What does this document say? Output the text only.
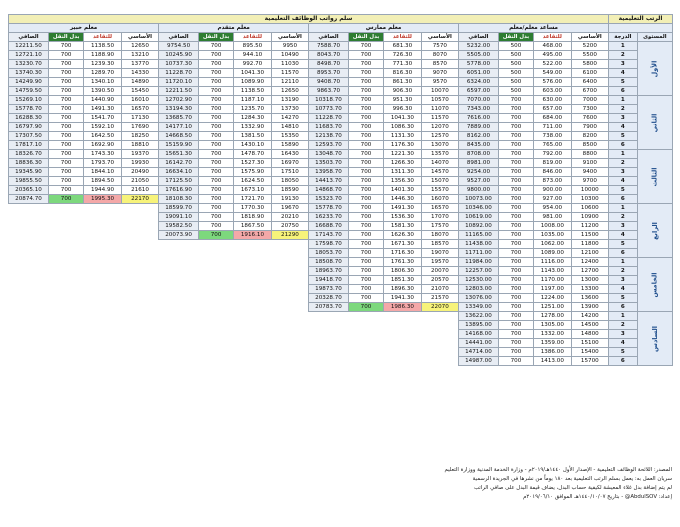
الرتب التعليمية		سلم رواتب الوظائف التعليمية															
		مساعد معلم/معلم				معلم ممارس				معلم متقدم				معلم خبير			
المستوى	الدرجة	الأساسي	للتقاعد	بدل النقل	الصافي	الأساسي	للتقاعد	بدل النقل	الصافي	الأساسي	للتقاعد	بدل النقل	الصافي	الأساسي	للتقاعد	بدل النقل	الصافي
الأول	1	5200	468.00	500	5232.00	7570	681.30	700	7588.70	9950	895.50	700	9754.50	12650	1138.50	700	12211.50
	2	5500	495.00	500	5505.00	8070	726.30	700	8043.70	10490	944.10	700	10245.90	13210	1188.90	700	12721.10
	3	5800	522.00	500	5778.00	8570	771.30	700	8498.70	11030	992.70	700	10737.30	13770	1239.30	700	13230.70
	4	6100	549.00	500	6051.00	9070	816.30	700	8953.70	11570	1041.30	700	11228.70	14330	1289.70	700	13740.30
	5	6400	576.00	500	6324.00	9570	861.30	700	9408.70	12110	1089.90	700	11720.10	14890	1340.10	700	14249.90
	6	6700	603.00	500	6597.00	10070	906.30	700	9863.70	12650	1138.50	700	12211.50	15450	1390.50	700	14759.50
الثاني	1	7000	630.00	700	7070.00	10570	951.30	700	10318.70	13190	1187.10	700	12702.90	16010	1440.90	700	15269.10
	2	7300	657.00	700	7343.00	11070	996.30	700	10773.70	13730	1235.70	700	13194.30	16570	1491.30	700	15778.70
	3	7600	684.00	700	7616.00	11570	1041.30	700	11228.70	14270	1284.30	700	13685.70	17130	1541.70	700	16288.30
	4	7900	711.00	700	7889.00	12070	1086.30	700	11683.70	14810	1332.90	700	14177.10	17690	1592.10	700	16797.90
	5	8200	738.00	700	8162.00	12570	1131.30	700	12138.70	15350	1381.50	700	14668.50	18250	1642.50	700	17307.50
	6	8500	765.00	700	8435.00	13070	1176.30	700	12593.70	15890	1430.10	700	15159.90	18810	1692.90	700	17817.10
الثالث	1	8800	792.00	700	8708.00	13570	1221.30	700	13048.70	16430	1478.70	700	15651.30	19370	1743.30	700	18326.70
	2	9100	819.00	700	8981.00	14070	1266.30	700	13503.70	16970	1527.30	700	16142.70	19930	1793.70	700	18836.30
	3	9400	846.00	700	9254.00	14570	1311.30	700	13958.70	17510	1575.90	700	16634.10	20490	1844.10	700	19345.90
	4	9700	873.00	700	9527.00	15070	1356.30	700	14413.70	18050	1624.50	700	17125.50	21050	1894.50	700	19855.50
	5	10000	900.00	700	9800.00	15570	1401.30	700	14868.70	18590	1673.10	700	17616.90	21610	1944.90	700	20365.10
	6	10300	927.00	700	10073.00	16070	1446.30	700	15323.70	19130	1721.70	700	18108.30	22170	1995.30	700	20874.70
الرابع	1	10600	954.00	700	10346.00	16570	1491.30	700	15778.70	19670	1770.30	700	18599.70				
	2	10900	981.00	700	10619.00	17070	1536.30	700	16233.70	20210	1818.90	700	19091.10				
	3	11200	1008.00	700	10892.00	17570	1581.30	700	16688.70	20750	1867.50	700	19582.50				
	4	11500	1035.00	700	11165.00	18070	1626.30	700	17143.70	21290	1916.10	700	20073.90				
	5	11800	1062.00	700	11438.00	18570	1671.30	700	17598.70								
	6	12100	1089.00	700	11711.00	19070	1716.30	700	18053.70								
الخامس	1	12400	1116.00	700	11984.00	19570	1761.30	700	18508.70								
	2	12700	1143.00	700	12257.00	20070	1806.30	700	18963.70								
	3	13000	1170.00	700	12530.00	20570	1851.30	700	19418.70								
	4	13300	1197.00	700	12803.00	21070	1896.30	700	19873.70								
	5	13600	1224.00	700	13076.00	21570	1941.30	700	20328.70								
	6	13900	1251.00	700	13349.00	22070	1986.30	700	20783.70								
السادس	1	14200	1278.00	700	13622.00												
	2	14500	1305.00	700	13895.00												
	3	14800	1332.00	700	14168.00												
	4	15100	1359.00	700	14441.00												
	5	15400	1386.00	700	14714.00												
	6	15700	1413.00	700	14987.00												
المصدر: اللائحة الوظائف التعليمية - الإصدار الأول ١٤٤٠هـ/٢٠١٩م - وزارة الخدمة المدنية ووزارة التعليم
سريان العمل به: يعمل بسلم الرتب التعليمية بعد ١٨٠ يوماً من نشرها في الجريدة الرسمية
لم يتم إضافة بدل غلاء المعيشة لكيفية حساب البدل، يضاف قيمة البدل على صافي الراتب
إعداد: AbdulSOV@ - بتاريخ ١٤٤٠/١٠/٠٧هـ الموافق ٢٠١٩/٠٦/١٠م
